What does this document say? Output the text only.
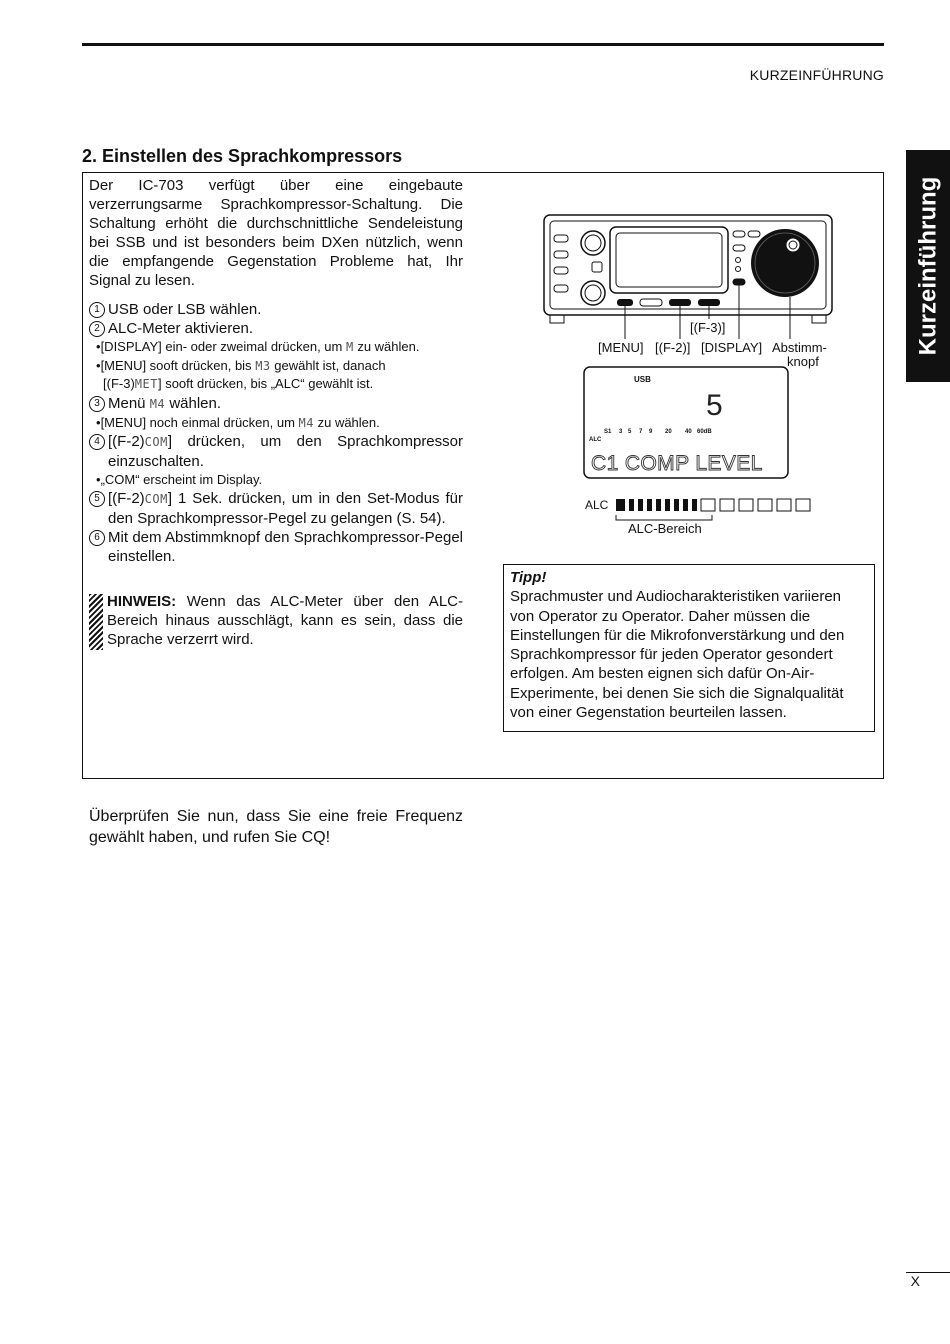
KURZEINFÜHRUNG
Kurzeinführung
2. Einstellen des Sprachkompressors

Der IC-703 verfügt über eine eingebaute verzerrungsarme Sprachkompressor-Schaltung. Die Schaltung erhöht die durchschnittliche Sendeleistung bei SSB und ist besonders beim DXen nützlich, wenn die empfangende Gegenstation Probleme hat, Ihr Signal zu lesen.

1 USB oder LSB wählen.
2 ALC-Meter aktivieren.
•[DISPLAY] ein- oder zweimal drücken, um M zu wählen.
•[MENU] sooft drücken, bis M3 gewählt ist, danach
[(F-3)MET] sooft drücken, bis „ALC“ gewählt ist.
3 Menü M4 wählen.
•[MENU] noch einmal drücken, um M4 zu wählen.
4 [(F-2)COM] drücken, um den Sprachkompressor einzuschalten.
•„COM“ erscheint im Display.
5 [(F-2)COM] 1 Sek. drücken, um in den Set-Modus für den Sprachkompressor-Pegel zu gelangen (S. 54).
6 Mit dem Abstimmknopf den Sprachkompressor-Pegel einstellen.
HINWEIS: Wenn das ALC-Meter über den ALC-Bereich hinaus ausschlägt, kann es sein, dass die Sprache verzerrt wird.
[(F-3)]
[MENU] [(F-2)] [DISPLAY] Abstimm-
knopf
USB
5
S1 3 5 7 9 20 40 60dB
ALC
C1 COMP LEVEL
ALC
ALC-Bereich
Tipp!
Sprachmuster und Audiocharakteristiken variieren von Operator zu Operator. Daher müssen die Einstellungen für die Mikrofonverstärkung und den Sprachkompressor für jeden Operator gesondert erfolgen. Am besten eignen sich dafür On-Air-Experimente, bei denen Sie sich die Signalqualität von einer Gegenstation beurteilen lassen.
Überprüfen Sie nun, dass Sie eine freie Frequenz gewählt haben, und rufen Sie CQ!
X
